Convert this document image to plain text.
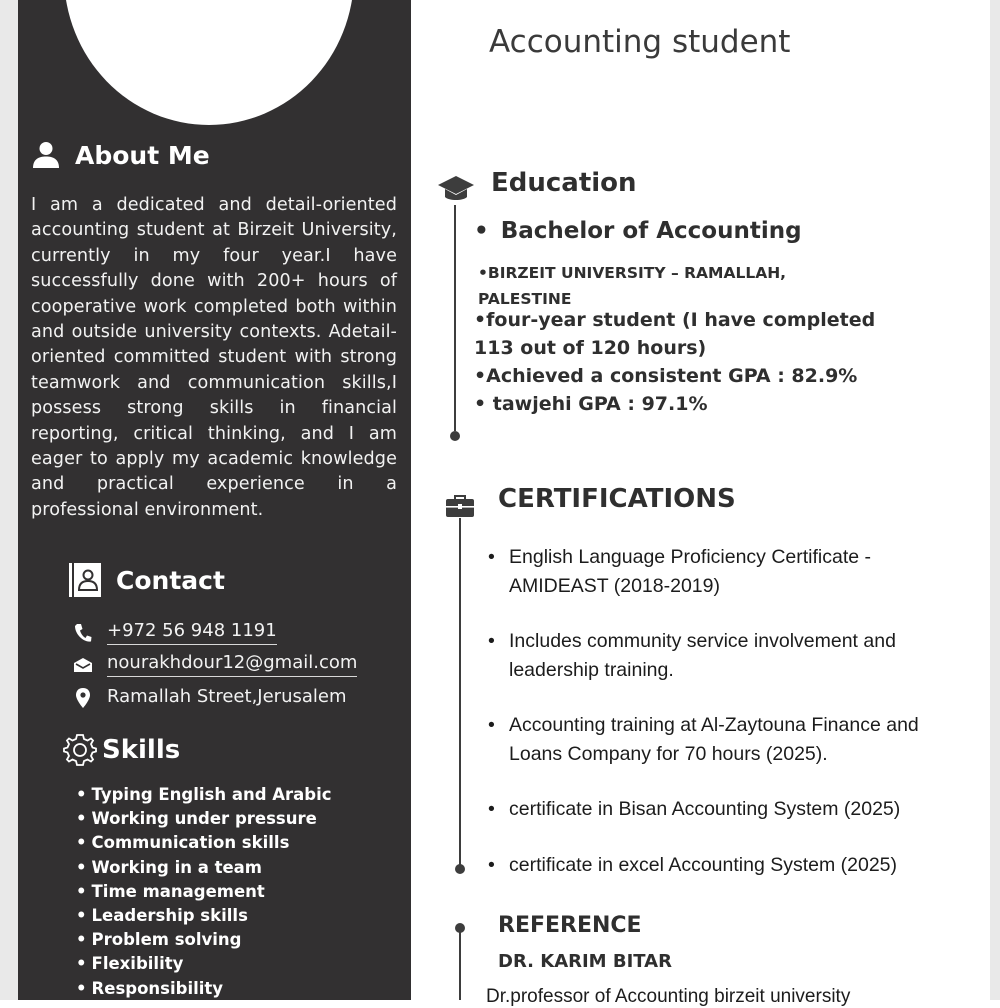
About Me
I am a dedicated and detail-oriented accounting student at Birzeit University, currently in my four year.I have successfully done with 200+ hours of cooperative work completed both within and outside university contexts. Adetail-oriented committed student with strong teamwork and communication skills,I possess strong skills in financial reporting, critical thinking, and I am eager to apply my academic knowledge and practical experience in a professional environment.
Contact
+972 56 948 1191
nourakhdour12@gmail.com
Ramallah Street,Jerusalem
Skills
• Typing English and Arabic
• Working under pressure
• Communication skills
• Working in a team
• Time management
• Leadership skills
• Problem solving
• Flexibility
• Responsibility
Accounting student
Education
• Bachelor of Accounting
•BIRZEIT UNIVERSITY – RAMALLAH, PALESTINE
•four-year student (I have completed
113 out of 120 hours)
•Achieved a consistent GPA : 82.9%
• tawjehi GPA : 97.1%
CERTIFICATIONS
• English Language Proficiency Certificate - AMIDEAST (2018-2019)
• Includes community service involvement and leadership training.
• Accounting training at Al-Zaytouna Finance and Loans Company for 70 hours (2025).
• certificate in Bisan Accounting System (2025)
• certificate in excel Accounting System (2025)
REFERENCE
DR. KARIM BITAR
Dr.professor of Accounting birzeit university
